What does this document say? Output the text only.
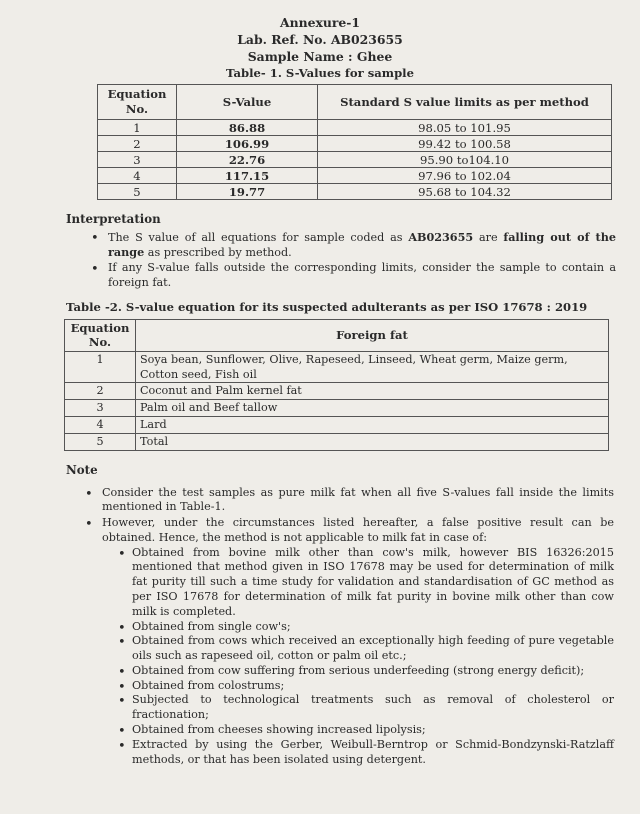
Annexure-1
Lab. Ref. No. AB023655
Sample Name : Ghee
Table- 1. S-Values for sample
Equation No.	S-Value	Standard S value limits as per method
1	86.88	98.05 to 101.95
2	106.99	99.42 to 100.58
3	22.76	95.90 to104.10
4	117.15	97.96 to 102.04
5	19.77	95.68 to 104.32

Interpretation

• The S value of all equations for sample coded as AB023655 are falling out of the range as prescribed by method.
• If any S-value falls outside the corresponding limits, consider the sample to contain a foreign fat.
Table -2. S-value equation for its suspected adulterants as per ISO 17678 : 2019
Equation No.	Foreign fat
1	Soya bean, Sunflower, Olive, Rapeseed, Linseed, Wheat germ, Maize germ, Cotton seed, Fish oil
2	Coconut and Palm kernel fat
3	Palm oil and Beef tallow
4	Lard
5	Total

Note

• Consider the test samples as pure milk fat when all five S-values fall inside the limits mentioned in Table-1.
• However, under the circumstances listed hereafter, a false positive result can be obtained. Hence, the method is not applicable to milk fat in case of:
• Obtained from bovine milk other than cow's milk, however BIS 16326:2015 mentioned that method given in ISO 17678 may be used for determination of milk fat purity till such a time study for validation and standardisation of GC method as per ISO 17678 for determination of milk fat purity in bovine milk other than cow milk is completed.
• Obtained from single cow's;
• Obtained from cows which received an exceptionally high feeding of pure vegetable oils such as rapeseed oil, cotton or palm oil etc.;
• Obtained from cow suffering from serious underfeeding (strong energy deficit);
• Obtained from colostrums;
• Subjected to technological treatments such as removal of cholesterol or fractionation;
• Obtained from cheeses showing increased lipolysis;
• Extracted by using the Gerber, Weibull-Berntrop or Schmid-Bondzynski-Ratzlaff methods, or that has been isolated using detergent.
